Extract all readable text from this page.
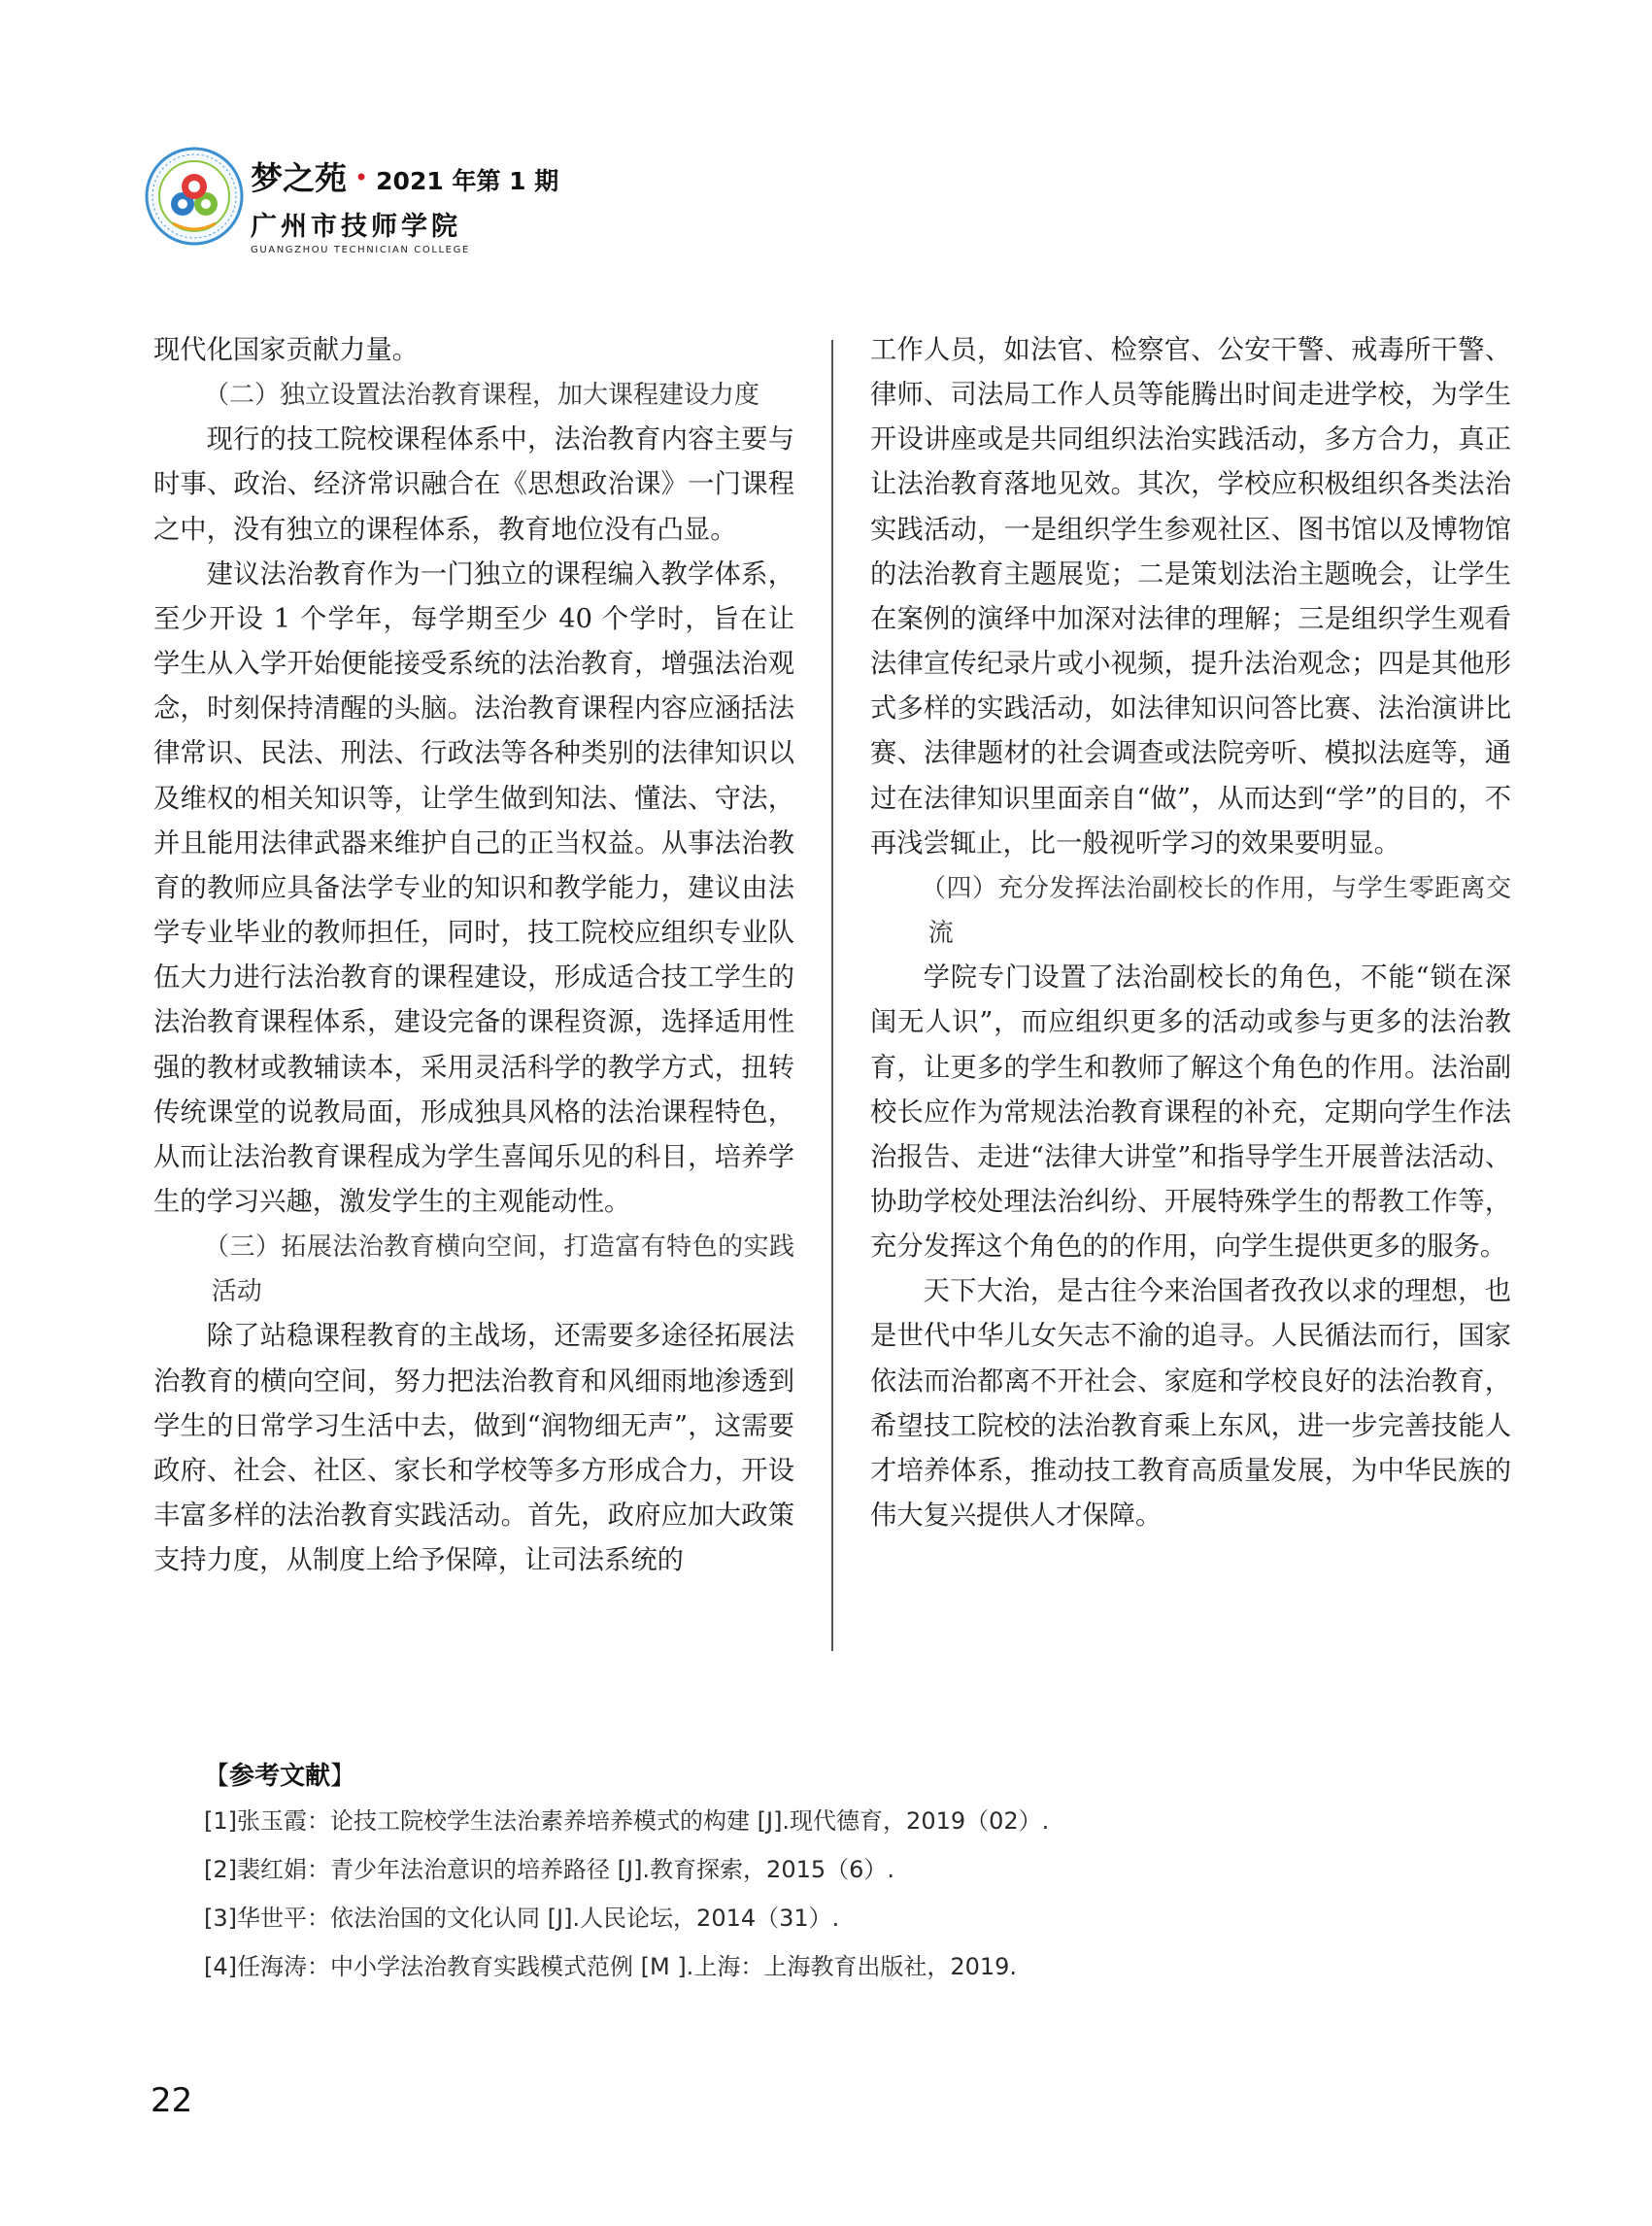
梦之苑 • 2021 年第 1 期
广州市技师学院
GUANGZHOU TECHNICIAN COLLEGE

现代化国家贡献力量。

（二）独立设置法治教育课程，加大课程建设力度

现行的技工院校课程体系中，法治教育内容主要与时事、政治、经济常识融合在《思想政治课》一门课程之中，没有独立的课程体系，教育地位没有凸显。

建议法治教育作为一门独立的课程编入教学体系，至少开设 1 个学年，每学期至少 40 个学时，旨在让学生从入学开始便能接受系统的法治教育，增强法治观念，时刻保持清醒的头脑。法治教育课程内容应涵括法律常识、民法、刑法、行政法等各种类别的法律知识以及维权的相关知识等，让学生做到知法、懂法、守法，并且能用法律武器来维护自己的正当权益。从事法治教育的教师应具备法学专业的知识和教学能力，建议由法学专业毕业的教师担任，同时，技工院校应组织专业队伍大力进行法治教育的课程建设，形成适合技工学生的法治教育课程体系，建设完备的课程资源，选择适用性强的教材或教辅读本，采用灵活科学的教学方式，扭转传统课堂的说教局面，形成独具风格的法治课程特色，从而让法治教育课程成为学生喜闻乐见的科目，培养学生的学习兴趣，激发学生的主观能动性。

（三）拓展法治教育横向空间，打造富有特色的实践活动

除了站稳课程教育的主战场，还需要多途径拓展法治教育的横向空间，努力把法治教育和风细雨地渗透到学生的日常学习生活中去，做到“润物细无声”，这需要政府、社会、社区、家长和学校等多方形成合力，开设丰富多样的法治教育实践活动。首先，政府应加大政策支持力度，从制度上给予保障，让司法系统的

工作人员，如法官、检察官、公安干警、戒毒所干警、律师、司法局工作人员等能腾出时间走进学校，为学生开设讲座或是共同组织法治实践活动，多方合力，真正让法治教育落地见效。其次，学校应积极组织各类法治实践活动，一是组织学生参观社区、图书馆以及博物馆的法治教育主题展览；二是策划法治主题晚会，让学生在案例的演绎中加深对法律的理解；三是组织学生观看法律宣传纪录片或小视频，提升法治观念；四是其他形式多样的实践活动，如法律知识问答比赛、法治演讲比赛、法律题材的社会调查或法院旁听、模拟法庭等，通过在法律知识里面亲自“做”，从而达到“学”的目的，不再浅尝辄止，比一般视听学习的效果要明显。

（四）充分发挥法治副校长的作用，与学生零距离交流

学院专门设置了法治副校长的角色，不能“锁在深闺无人识”，而应组织更多的活动或参与更多的法治教育，让更多的学生和教师了解这个角色的作用。法治副校长应作为常规法治教育课程的补充，定期向学生作法治报告、走进“法律大讲堂”和指导学生开展普法活动、协助学校处理法治纠纷、开展特殊学生的帮教工作等，充分发挥这个角色的的作用，向学生提供更多的服务。

天下大治，是古往今来治国者孜孜以求的理想，也是世代中华儿女矢志不渝的追寻。人民循法而行，国家依法而治都离不开社会、家庭和学校良好的法治教育，希望技工院校的法治教育乘上东风，进一步完善技能人才培养体系，推动技工教育高质量发展，为中华民族的伟大复兴提供人才保障。

【参考文献】
[1]张玉霞：论技工院校学生法治素养培养模式的构建 [J].现代德育，2019（02）.
[2]裴红娟：青少年法治意识的培养路径 [J].教育探索，2015（6）.
[3]华世平：依法治国的文化认同 [J].人民论坛，2014（31）.
[4]任海涛：中小学法治教育实践模式范例 [M ].上海：上海教育出版社，2019.
22
